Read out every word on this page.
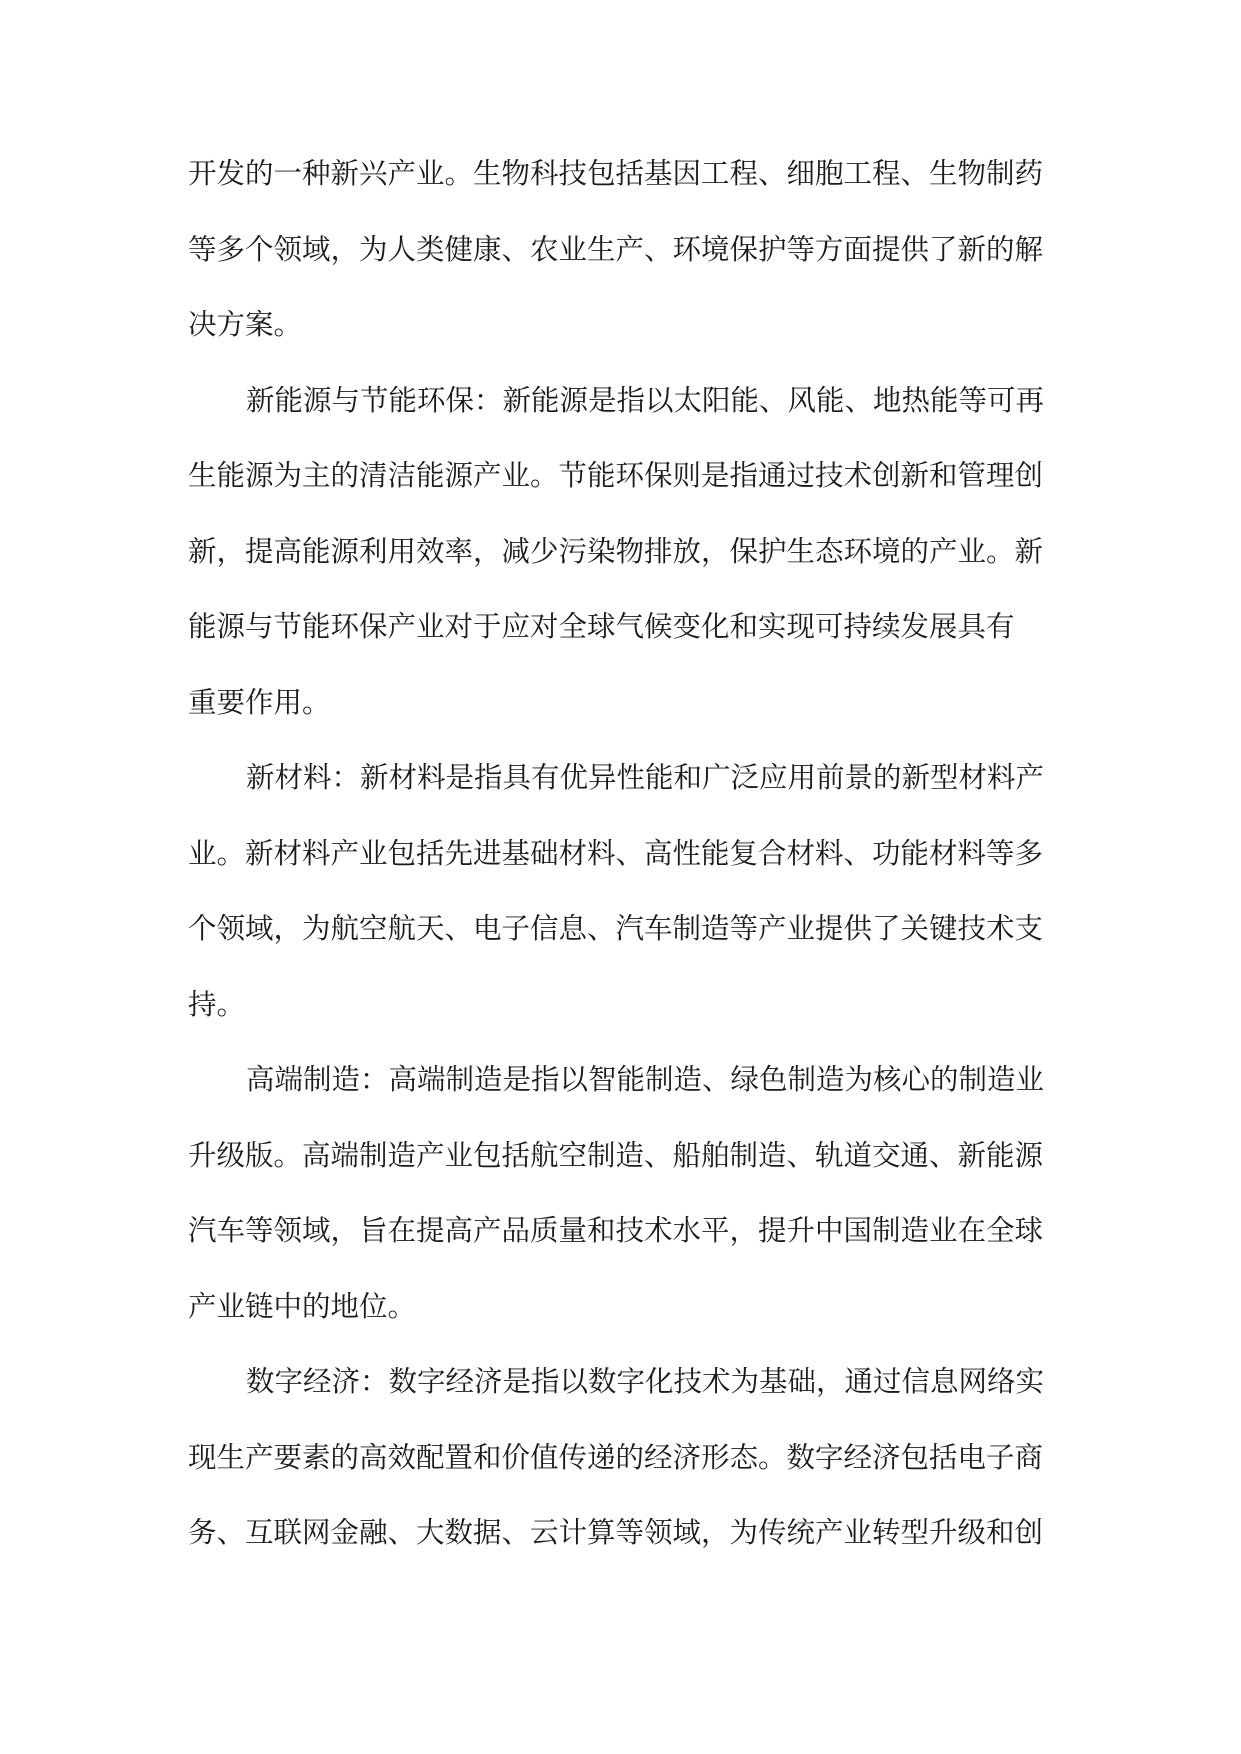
开发的一种新兴产业。生物科技包括基因工程、细胞工程、生物制药
等多个领域，为人类健康、农业生产、环境保护等方面提供了新的解
决方案。
新能源与节能环保：新能源是指以太阳能、风能、地热能等可再
生能源为主的清洁能源产业。节能环保则是指通过技术创新和管理创
新，提高能源利用效率，减少污染物排放，保护生态环境的产业。新
能源与节能环保产业对于应对全球气候变化和实现可持续发展具有
重要作用。
新材料：新材料是指具有优异性能和广泛应用前景的新型材料产
业。新材料产业包括先进基础材料、高性能复合材料、功能材料等多
个领域，为航空航天、电子信息、汽车制造等产业提供了关键技术支
持。
高端制造：高端制造是指以智能制造、绿色制造为核心的制造业
升级版。高端制造产业包括航空制造、船舶制造、轨道交通、新能源
汽车等领域，旨在提高产品质量和技术水平，提升中国制造业在全球
产业链中的地位。
数字经济：数字经济是指以数字化技术为基础，通过信息网络实
现生产要素的高效配置和价值传递的经济形态。数字经济包括电子商
务、互联网金融、大数据、云计算等领域，为传统产业转型升级和创
